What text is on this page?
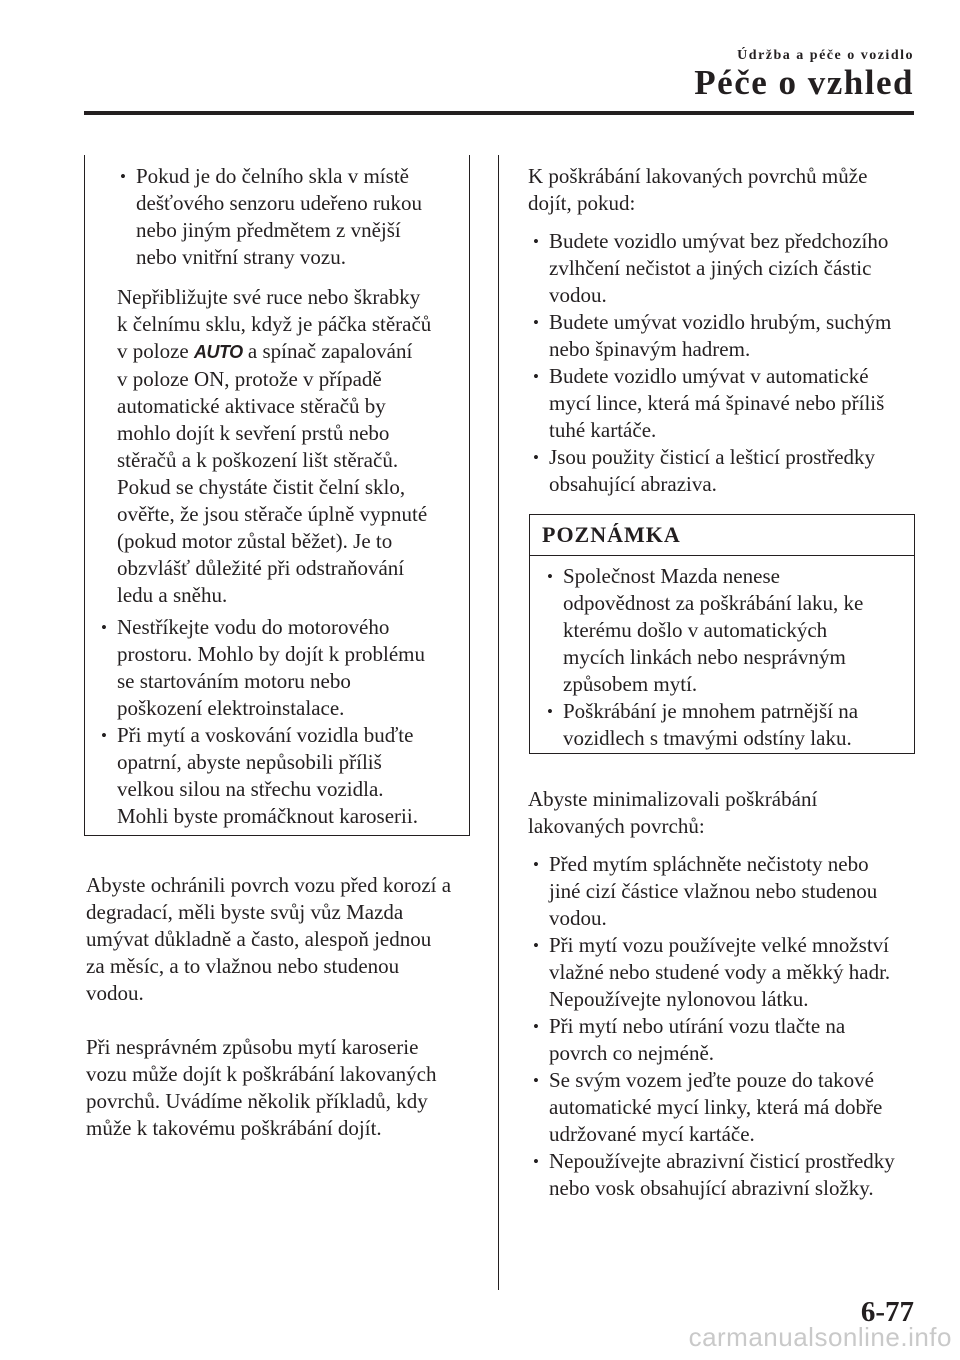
Údržba a péče o vozidlo
Péče o vzhled
• Pokud je do čelního skla v místě
dešťového senzoru udeřeno rukou
nebo jiným předmětem z vnější
nebo vnitřní strany vozu.
Nepřibližujte své ruce nebo škrabky
k čelnímu sklu, když je páčka stěračů
v poloze AUTO a spínač zapalování
v poloze ON, protože v případě
automatické aktivace stěračů by
mohlo dojít k sevření prstů nebo
stěračů a k poškození lišt stěračů.
Pokud se chystáte čistit čelní sklo,
ověřte, že jsou stěrače úplně vypnuté
(pokud motor zůstal běžet). Je to
obzvlášť důležité při odstraňování
ledu a sněhu.
• Nestříkejte vodu do motorového
prostoru. Mohlo by dojít k problému
se startováním motoru nebo
poškození elektroinstalace.
• Při mytí a voskování vozidla buďte
opatrní, abyste nepůsobili příliš
velkou silou na střechu vozidla.
Mohli byste promáčknout karoserii.
Abyste ochránili povrch vozu před korozí a
degradací, měli byste svůj vůz Mazda
umývat důkladně a často, alespoň jednou
za měsíc, a to vlažnou nebo studenou
vodou.
Při nesprávném způsobu mytí karoserie
vozu může dojít k poškrábání lakovaných
povrchů. Uvádíme několik příkladů, kdy
může k takovému poškrábání dojít.
K poškrábání lakovaných povrchů může
dojít, pokud:
• Budete vozidlo umývat bez předchozího
zvlhčení nečistot a jiných cizích částic
vodou.
• Budete umývat vozidlo hrubým, suchým
nebo špinavým hadrem.
• Budete vozidlo umývat v automatické
mycí lince, která má špinavé nebo příliš
tuhé kartáče.
• Jsou použity čisticí a lešticí prostředky
obsahující abraziva.
POZNÁMKA
• Společnost Mazda nenese
odpovědnost za poškrábání laku, ke
kterému došlo v automatických
mycích linkách nebo nesprávným
způsobem mytí.
• Poškrábání je mnohem patrnější na
vozidlech s tmavými odstíny laku.
Abyste minimalizovali poškrábání
lakovaných povrchů:
• Před mytím spláchněte nečistoty nebo
jiné cizí částice vlažnou nebo studenou
vodou.
• Při mytí vozu používejte velké množství
vlažné nebo studené vody a měkký hadr.
Nepoužívejte nylonovou látku.
• Při mytí nebo utírání vozu tlačte na
povrch co nejméně.
• Se svým vozem jeďte pouze do takové
automatické mycí linky, která má dobře
udržované mycí kartáče.
• Nepoužívejte abrazivní čisticí prostředky
nebo vosk obsahující abrazivní složky.
6-77
carmanualsonline.info
